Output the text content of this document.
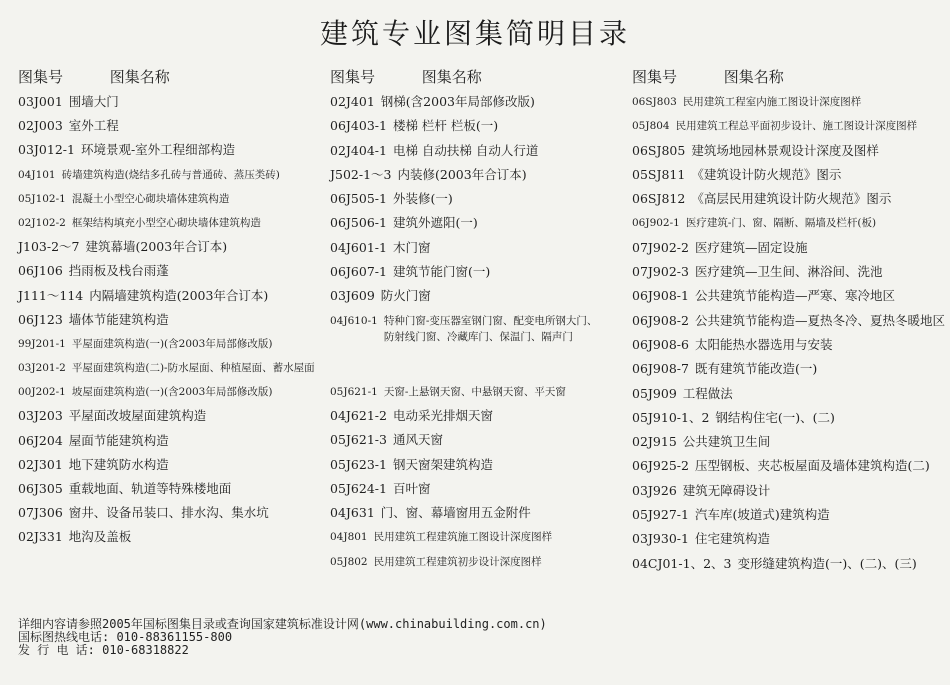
建筑专业图集简明目录
图集号	图集名称
03J001 围墙大门
02J003 室外工程
03J012-1 环境景观-室外工程细部构造
04J101 砖墙建筑构造(烧结多孔砖与普通砖、蒸压类砖)
05J102-1 混凝土小型空心砌块墙体建筑构造
02J102-2 框架结构填充小型空心砌块墙体建筑构造
J103-2～7 建筑幕墙(2003年合订本)
06J106 挡雨板及栈台雨蓬
J111～114 内隔墙建筑构造(2003年合订本)
06J123 墙体节能建筑构造
99J201-1 平屋面建筑构造(一)(含2003年局部修改版)
03J201-2 平屋面建筑构造(二)-防水屋面、种植屋面、蓄水屋面
00J202-1 坡屋面建筑构造(一)(含2003年局部修改版)
03J203 平屋面改坡屋面建筑构造
06J204 屋面节能建筑构造
02J301 地下建筑防水构造
06J305 重载地面、轨道等特殊楼地面
07J306 窗井、设备吊装口、排水沟、集水坑
02J331 地沟及盖板
图集号	图集名称
02J401 钢梯(含2003年局部修改版)
06J403-1 楼梯 栏杆 栏板(一)
02J404-1 电梯 自动扶梯 自动人行道
J502-1～3 内装修(2003年合订本)
06J505-1 外装修(一)
06J506-1 建筑外遮阳(一)
04J601-1 木门窗
06J607-1 建筑节能门窗(一)
03J609 防火门窗
04J610-1 特种门窗-变压器室钢门窗、配变电所钢大门、防射线门窗、冷藏库门、保温门、隔声门
05J621-1 天窗-上悬钢天窗、中悬钢天窗、平天窗
04J621-2 电动采光排烟天窗
05J621-3 通风天窗
05J623-1 钢天窗架建筑构造
05J624-1 百叶窗
04J631 门、窗、幕墙窗用五金附件
04J801 民用建筑工程建筑施工图设计深度图样
05J802 民用建筑工程建筑初步设计深度图样
图集号	图集名称
06SJ803 民用建筑工程室内施工图设计深度图样
05J804 民用建筑工程总平面初步设计、施工图设计深度图样
06SJ805 建筑场地园林景观设计深度及图样
05SJ811 《建筑设计防火规范》图示
06SJ812 《高层民用建筑设计防火规范》图示
06J902-1 医疗建筑-门、窗、隔断、隔墙及栏杆(板)
07J902-2 医疗建筑—固定设施
07J902-3 医疗建筑—卫生间、淋浴间、洗池
06J908-1 公共建筑节能构造—严寒、寒冷地区
06J908-2 公共建筑节能构造—夏热冬冷、夏热冬暖地区
06J908-6 太阳能热水器选用与安装
06J908-7 既有建筑节能改造(一)
05J909 工程做法
05J910-1、2 钢结构住宅(一)、(二)
02J915 公共建筑卫生间
06J925-2 压型钢板、夹芯板屋面及墙体建筑构造(二)
03J926 建筑无障碍设计
05J927-1 汽车库(坡道式)建筑构造
03J930-1 住宅建筑构造
04CJ01-1、2、3 变形缝建筑构造(一)、(二)、(三)
详细内容请参照2005年国标图集目录或查询国家建筑标准设计网(www.chinabuilding.com.cn)
国标图热线电话: 010-88361155-800
发 行 电 话: 010-68318822
